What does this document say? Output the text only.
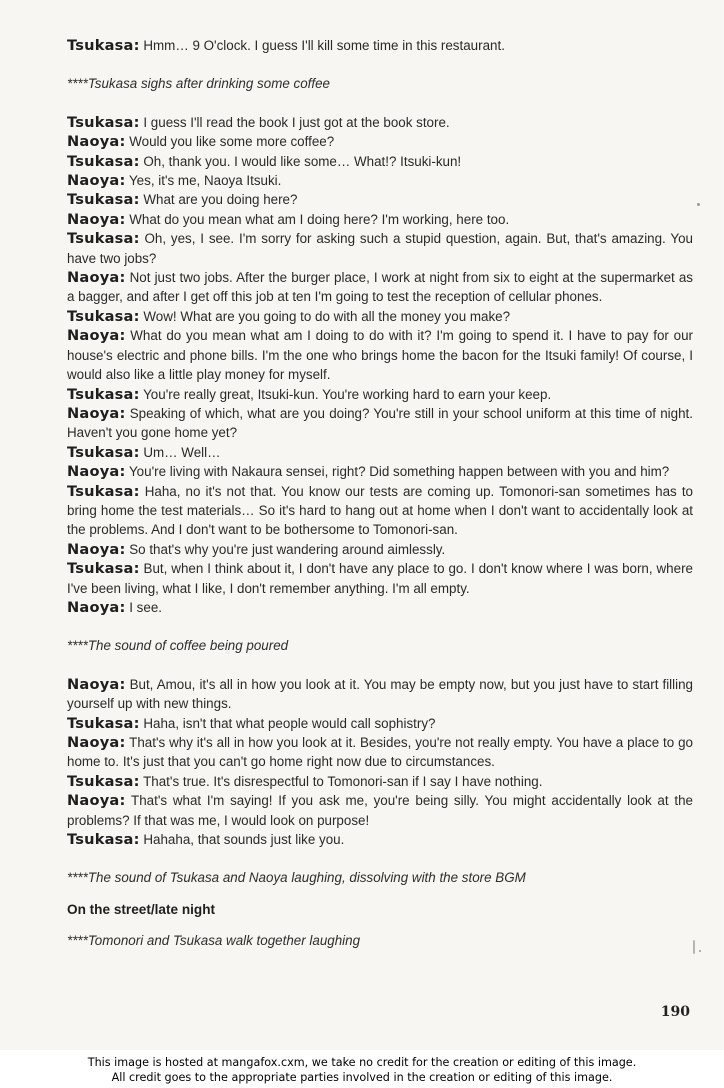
Tsukasa: Hmm… 9 O'clock. I guess I'll kill some time in this restaurant.

****Tsukasa sighs after drinking some coffee

Tsukasa: I guess I'll read the book I just got at the book store.

Naoya: Would you like some more coffee?

Tsukasa: Oh, thank you. I would like some… What!? Itsuki-kun!

Naoya: Yes, it's me, Naoya Itsuki.

Tsukasa: What are you doing here?

Naoya: What do you mean what am I doing here? I'm working, here too.

Tsukasa: Oh, yes, I see. I'm sorry for asking such a stupid question, again. But, that's amazing. You have two jobs?

Naoya: Not just two jobs. After the burger place, I work at night from six to eight at the supermarket as a bagger, and after I get off this job at ten I'm going to test the reception of cellular phones.

Tsukasa: Wow! What are you going to do with all the money you make?

Naoya: What do you mean what am I doing to do with it? I'm going to spend it. I have to pay for our house's electric and phone bills. I'm the one who brings home the bacon for the Itsuki family! Of course, I would also like a little play money for myself.

Tsukasa: You're really great, Itsuki-kun. You're working hard to earn your keep.

Naoya: Speaking of which, what are you doing? You're still in your school uniform at this time of night. Haven't you gone home yet?

Tsukasa: Um… Well…

Naoya: You're living with Nakaura sensei, right? Did something happen between with you and him?

Tsukasa: Haha, no it's not that. You know our tests are coming up. Tomonori-san sometimes has to bring home the test materials… So it's hard to hang out at home when I don't want to accidentally look at the problems. And I don't want to be bothersome to Tomonori-san.

Naoya: So that's why you're just wandering around aimlessly.

Tsukasa: But, when I think about it, I don't have any place to go. I don't know where I was born, where I've been living, what I like, I don't remember anything. I'm all empty.

Naoya: I see.

****The sound of coffee being poured

Naoya: But, Amou, it's all in how you look at it. You may be empty now, but you just have to start filling yourself up with new things.

Tsukasa: Haha, isn't that what people would call sophistry?

Naoya: That's why it's all in how you look at it. Besides, you're not really empty. You have a place to go home to. It's just that you can't go home right now due to circumstances.

Tsukasa: That's true. It's disrespectful to Tomonori-san if I say I have nothing.

Naoya: That's what I'm saying! If you ask me, you're being silly. You might accidentally look at the problems? If that was me, I would look on purpose!

Tsukasa: Hahaha, that sounds just like you.

****The sound of Tsukasa and Naoya laughing, dissolving with the store BGM

On the street/late night

****Tomonori and Tsukasa walk together laughing

190
This image is hosted at mangafox.cxm, we take no credit for the creation or editing of this image.
All credit goes to the appropriate parties involved in the creation or editing of this image.
